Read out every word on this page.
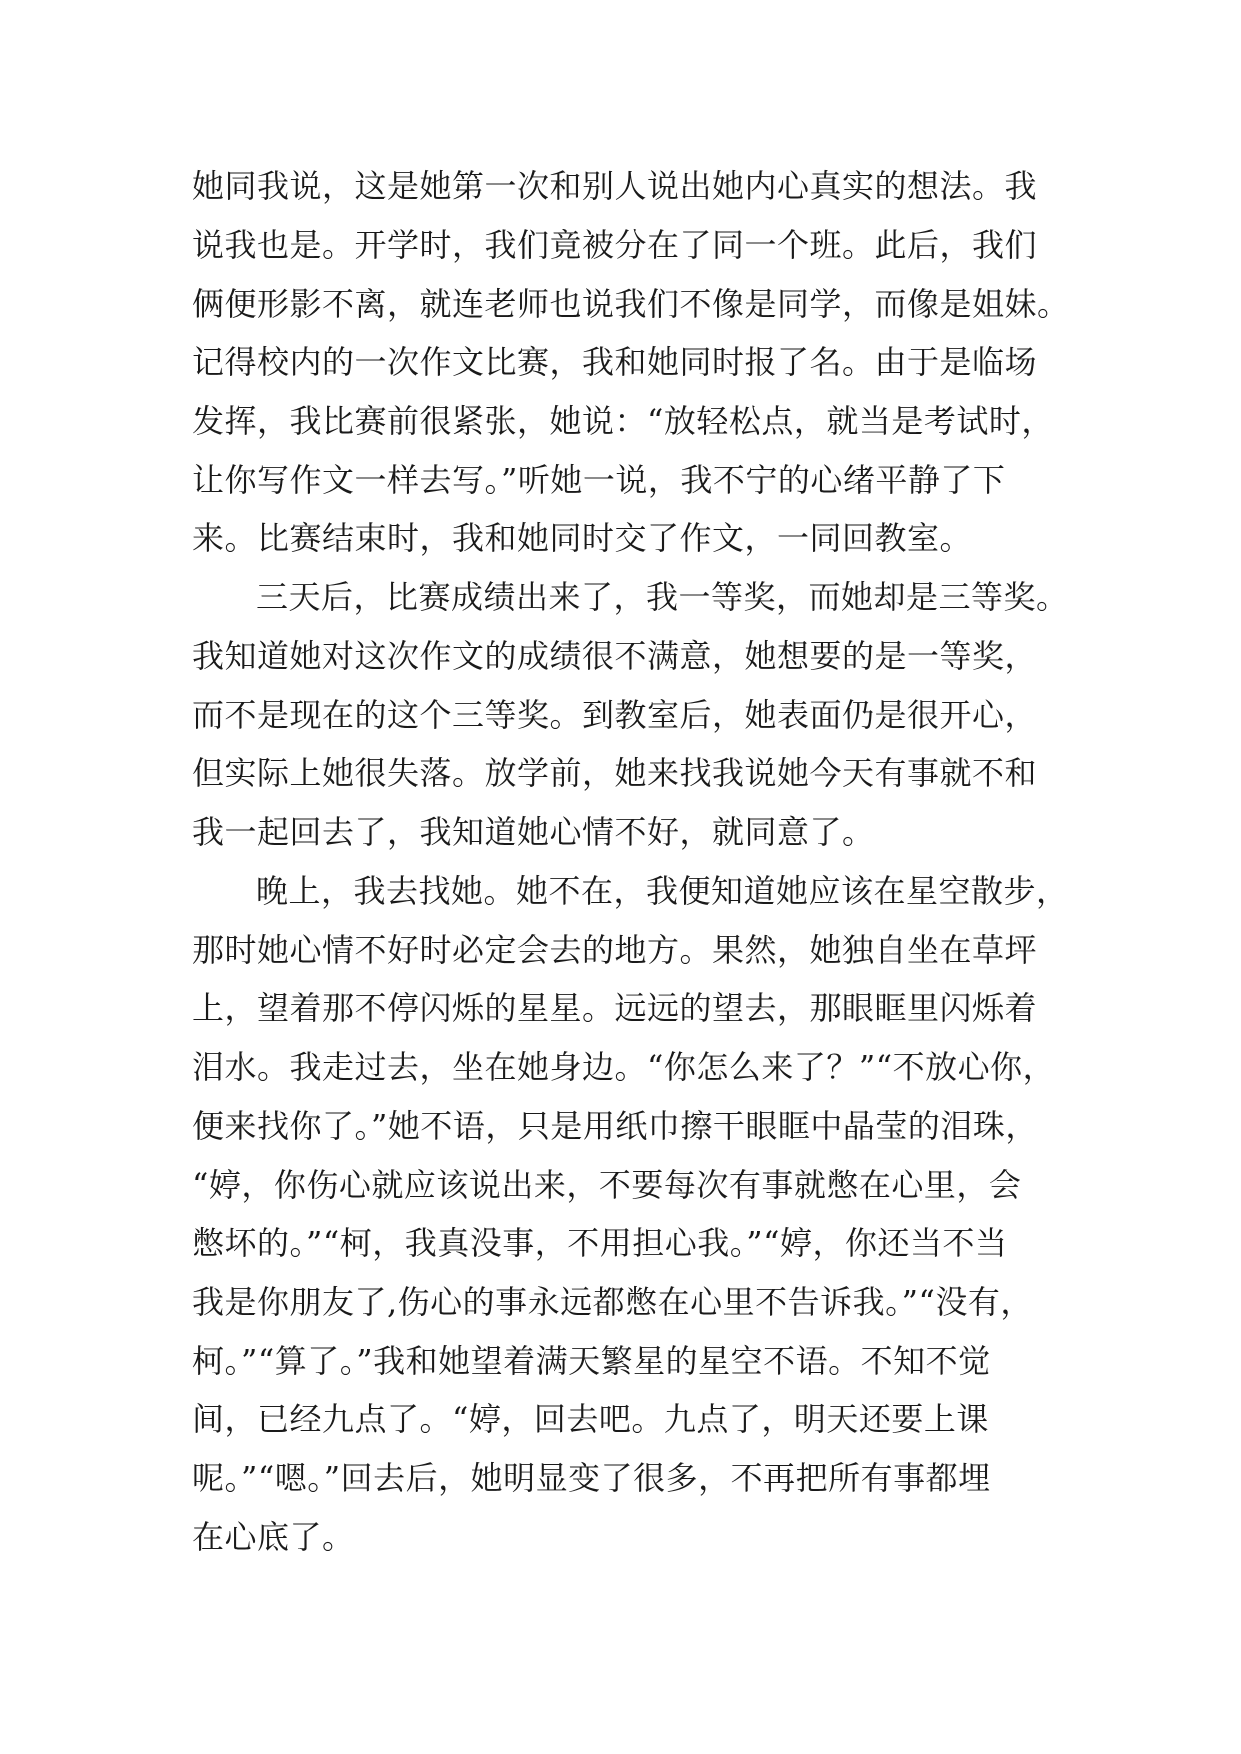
她同我说，这是她第一次和别人说出她内心真实的想法。我
说我也是。开学时，我们竟被分在了同一个班。此后，我们
俩便形影不离，就连老师也说我们不像是同学，而像是姐妹。
记得校内的一次作文比赛，我和她同时报了名。由于是临场
发挥，我比赛前很紧张，她说：“放轻松点，就当是考试时，
让你写作文一样去写。”听她一说，我不宁的心绪平静了下
来。比赛结束时，我和她同时交了作文，一同回教室。
三天后，比赛成绩出来了，我一等奖，而她却是三等奖。
我知道她对这次作文的成绩很不满意，她想要的是一等奖，
而不是现在的这个三等奖。到教室后，她表面仍是很开心，
但实际上她很失落。放学前，她来找我说她今天有事就不和
我一起回去了，我知道她心情不好，就同意了。
晚上，我去找她。她不在，我便知道她应该在星空散步，
那时她心情不好时必定会去的地方。果然，她独自坐在草坪
上，望着那不停闪烁的星星。远远的望去，那眼眶里闪烁着
泪水。我走过去，坐在她身边。“你怎么来了？”“不放心你，
便来找你了。”她不语，只是用纸巾擦干眼眶中晶莹的泪珠，
“婷，你伤心就应该说出来，不要每次有事就憋在心里，会
憋坏的。”“柯，我真没事，不用担心我。”“婷，你还当不当
我是你朋友了,伤心的事永远都憋在心里不告诉我。”“没有，
柯。”“算了。”我和她望着满天繁星的星空不语。不知不觉
间，已经九点了。“婷，回去吧。九点了，明天还要上课
呢。”“嗯。”回去后，她明显变了很多，不再把所有事都埋
在心底了。
